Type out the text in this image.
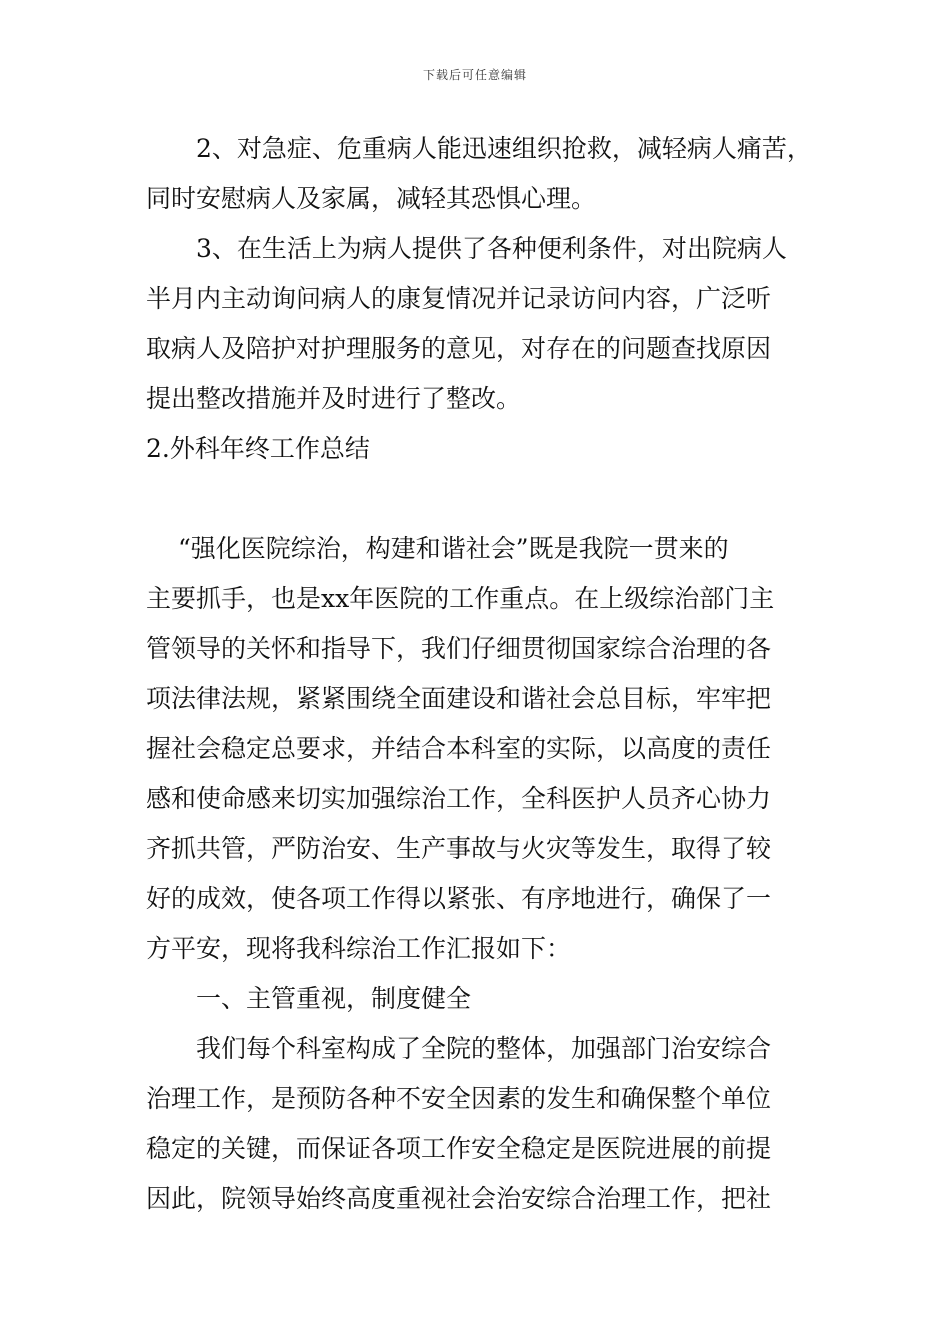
下载后可任意编辑
2、对急症、危重病人能迅速组织抢救，减轻病人痛苦，
同时安慰病人及家属，减轻其恐惧心理。
3、在生活上为病人提供了各种便利条件，对出院病人
半月内主动询问病人的康复情况并记录访问内容，广泛听
取病人及陪护对护理服务的意见，对存在的问题查找原因
提出整改措施并及时进行了整改。
2.外科年终工作总结
“强化医院综治，构建和谐社会”既是我院一贯来的
主要抓手，也是xx年医院的工作重点。在上级综治部门主
管领导的关怀和指导下，我们仔细贯彻国家综合治理的各
项法律法规，紧紧围绕全面建设和谐社会总目标，牢牢把
握社会稳定总要求，并结合本科室的实际，以高度的责任
感和使命感来切实加强综治工作，全科医护人员齐心协力
齐抓共管，严防治安、生产事故与火灾等发生，取得了较
好的成效，使各项工作得以紧张、有序地进行，确保了一
方平安，现将我科综治工作汇报如下：
一、主管重视，制度健全
我们每个科室构成了全院的整体，加强部门治安综合
治理工作，是预防各种不安全因素的发生和确保整个单位
稳定的关键，而保证各项工作安全稳定是医院进展的前提
因此，院领导始终高度重视社会治安综合治理工作，把社
